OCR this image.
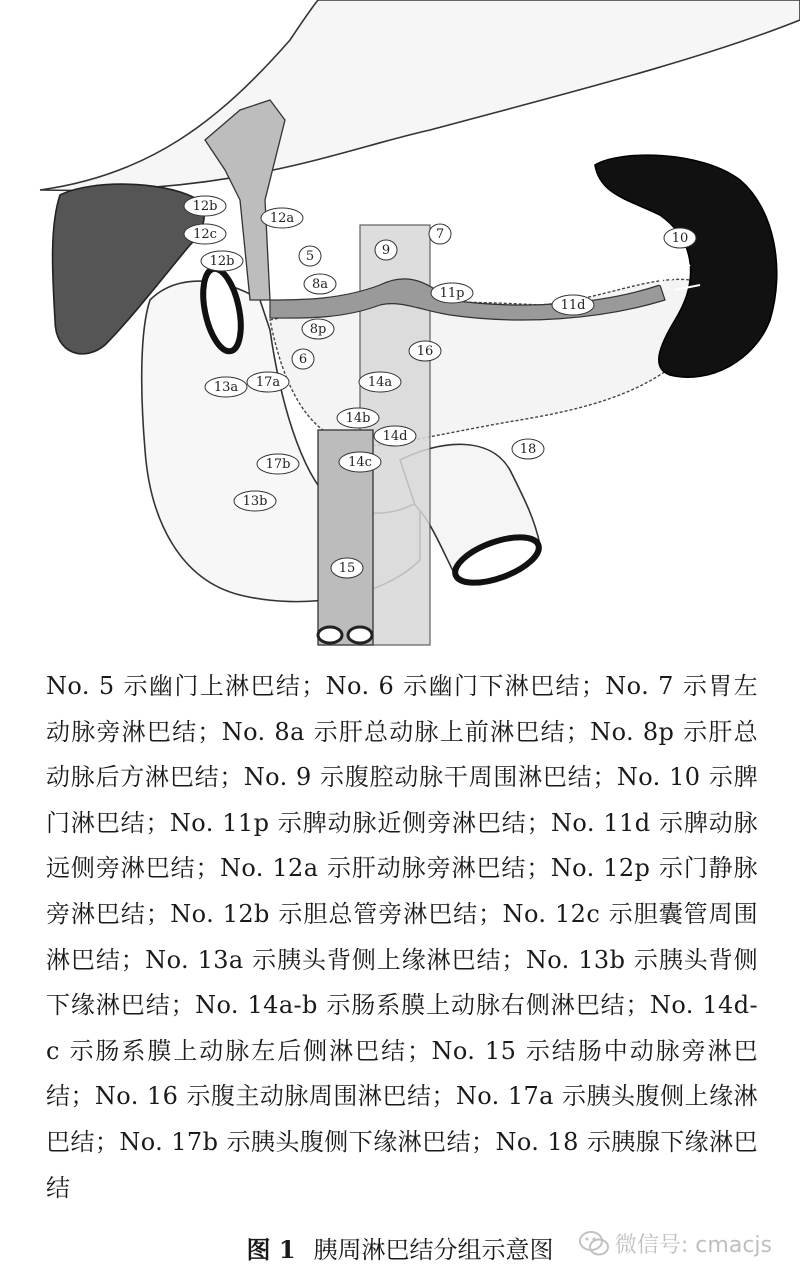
12b
12c
12a
12b	5
8a
9
7	10
11p
11d
8p
6
16
13a 17a	14a
14b
14d
14c
18
17b
13b
15
No. 5 示幽门上淋巴结；No. 6 示幽门下淋巴结；No. 7 示胃左动脉旁淋巴结；No. 8a 示肝总动脉上前淋巴结；No. 8p 示肝总动脉后方淋巴结；No. 9 示腹腔动脉干周围淋巴结；No. 10 示脾门淋巴结；No. 11p 示脾动脉近侧旁淋巴结；No. 11d 示脾动脉远侧旁淋巴结；No. 12a 示肝动脉旁淋巴结；No. 12p 示门静脉旁淋巴结；No. 12b 示胆总管旁淋巴结；No. 12c 示胆囊管周围淋巴结；No. 13a 示胰头背侧上缘淋巴结；No. 13b 示胰头背侧下缘淋巴结；No. 14a-b 示肠系膜上动脉右侧淋巴结；No. 14d-c 示肠系膜上动脉左后侧淋巴结；No. 15 示结肠中动脉旁淋巴结；No. 16 示腹主动脉周围淋巴结；No. 17a 示胰头腹侧上缘淋巴结；No. 17b 示胰头腹侧下缘淋巴结；No. 18 示胰腺下缘淋巴结
图 1 胰周淋巴结分组示意图	微信号: cmacjs
